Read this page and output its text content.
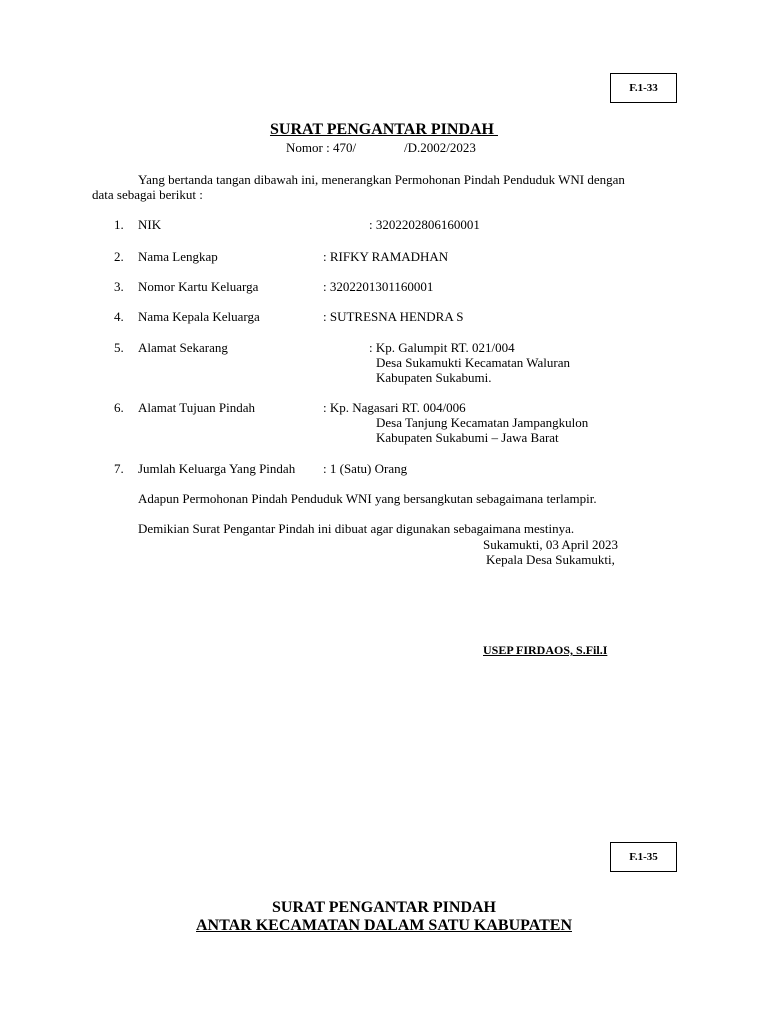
F.1-33
SURAT PENGANTAR PINDAH
Nomor : 470/	/D.2002/2023
Yang bertanda tangan dibawah ini, menerangkan Permohonan Pindah Penduduk WNI dengan
data sebagai berikut :
1. NIK	: 3202202806160001
2. Nama Lengkap	: RIFKY RAMADHAN
3. Nomor Kartu Keluarga	: 3202201301160001
4. Nama Kepala Keluarga	: SUTRESNA HENDRA S
5. Alamat Sekarang	: Kp. Galumpit RT. 021/004
Desa Sukamukti Kecamatan Waluran
Kabupaten Sukabumi.
6. Alamat Tujuan Pindah	: Kp. Nagasari RT. 004/006
Desa Tanjung Kecamatan Jampangkulon
Kabupaten Sukabumi – Jawa Barat
7. Jumlah Keluarga Yang Pindah : 1 (Satu) Orang
Adapun Permohonan Pindah Penduduk WNI yang bersangkutan sebagaimana terlampir.
Demikian Surat Pengantar Pindah ini dibuat agar digunakan sebagaimana mestinya.
Sukamukti, 03 April 2023
Kepala Desa Sukamukti,
USEP FIRDAOS, S.Fil.I
F.1-35
SURAT PENGANTAR PINDAH
ANTAR KECAMATAN DALAM SATU KABUPATEN
